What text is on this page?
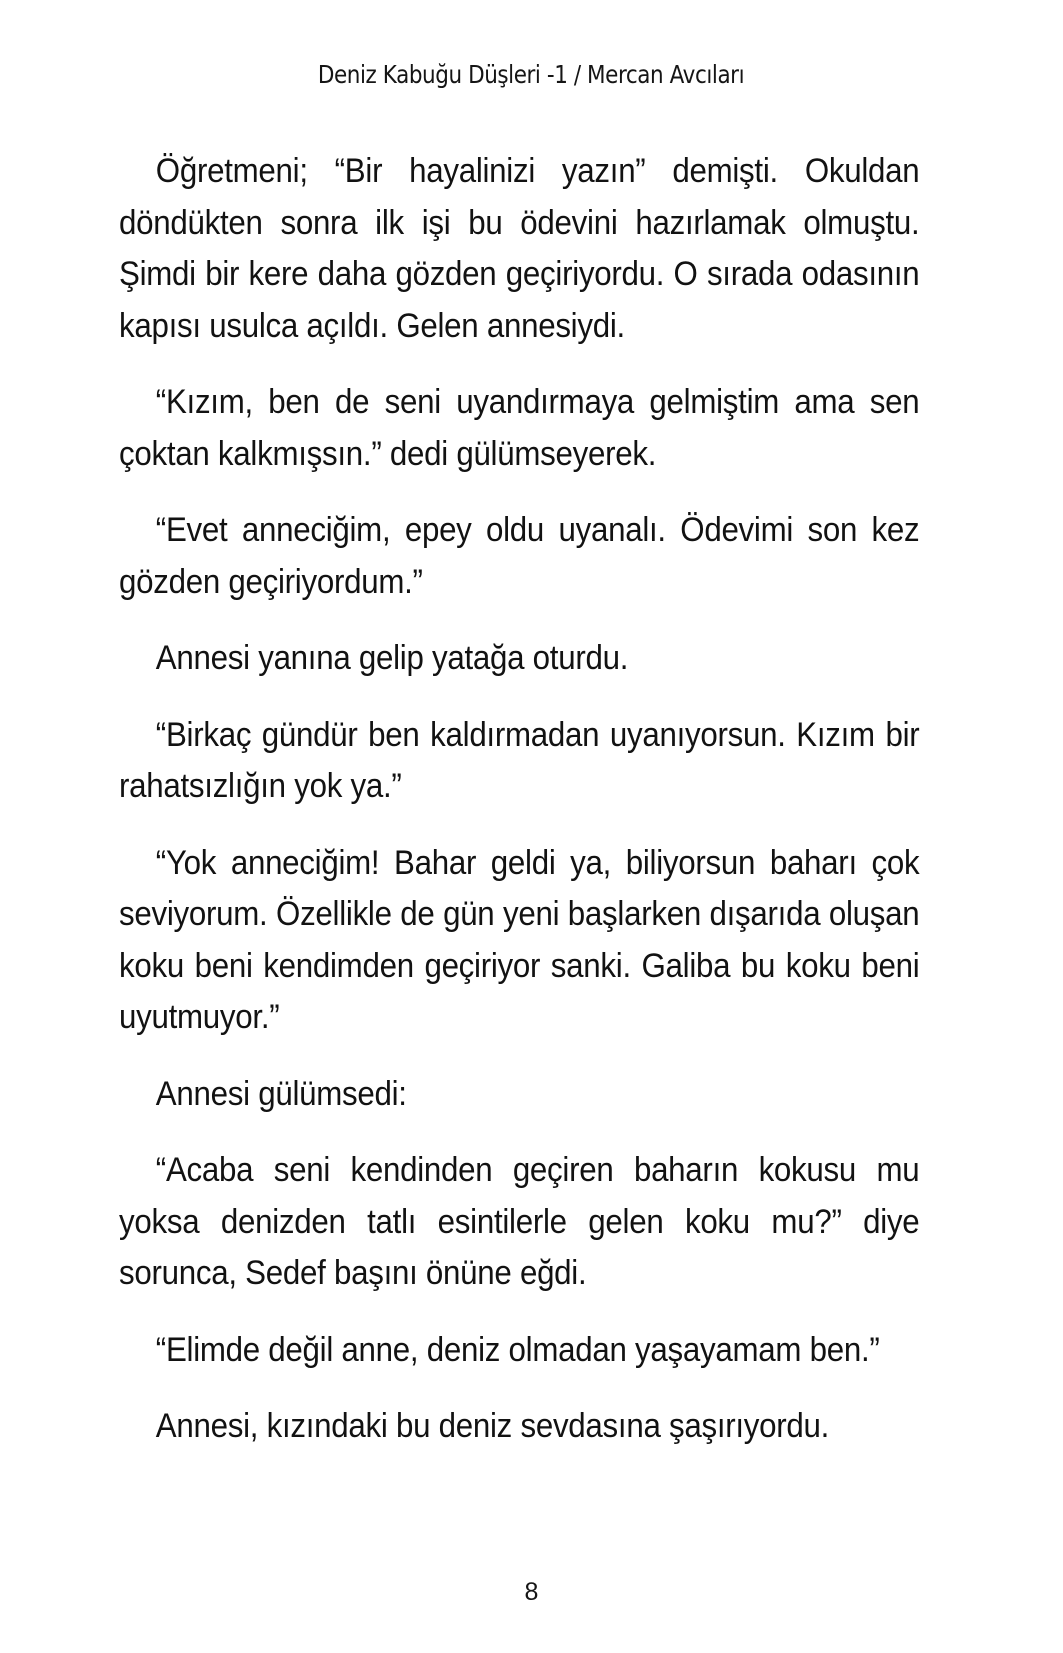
Deniz Kabuğu Düşleri -1 / Mercan Avcıları

Öğretmeni; “Bir hayalinizi yazın” demişti. Okuldan döndükten sonra ilk işi bu ödevini hazırlamak olmuştu. Şimdi bir kere daha gözden geçiriyordu. O sırada odasının kapısı usulca açıldı. Gelen annesiydi.

“Kızım, ben de seni uyandırmaya gelmiştim ama sen çoktan kalkmışsın.” dedi gülümseyerek.

“Evet anneciğim, epey oldu uyanalı. Ödevimi son kez gözden geçiriyordum.”

Annesi yanına gelip yatağa oturdu.

“Birkaç gündür ben kaldırmadan uyanıyorsun. Kızım bir rahatsızlığın yok ya.”

“Yok anneciğim! Bahar geldi ya, biliyorsun baharı çok seviyorum. Özellikle de gün yeni başlarken dışarıda oluşan koku beni kendimden geçiriyor sanki. Galiba bu koku beni uyutmuyor.”

Annesi gülümsedi:

“Acaba seni kendinden geçiren baharın kokusu mu yoksa denizden tatlı esintilerle gelen koku mu?” diye sorunca, Sedef başını önüne eğdi.

“Elimde değil anne, deniz olmadan yaşayamam ben.”

Annesi, kızındaki bu deniz sevdasına şaşırıyordu.

8
